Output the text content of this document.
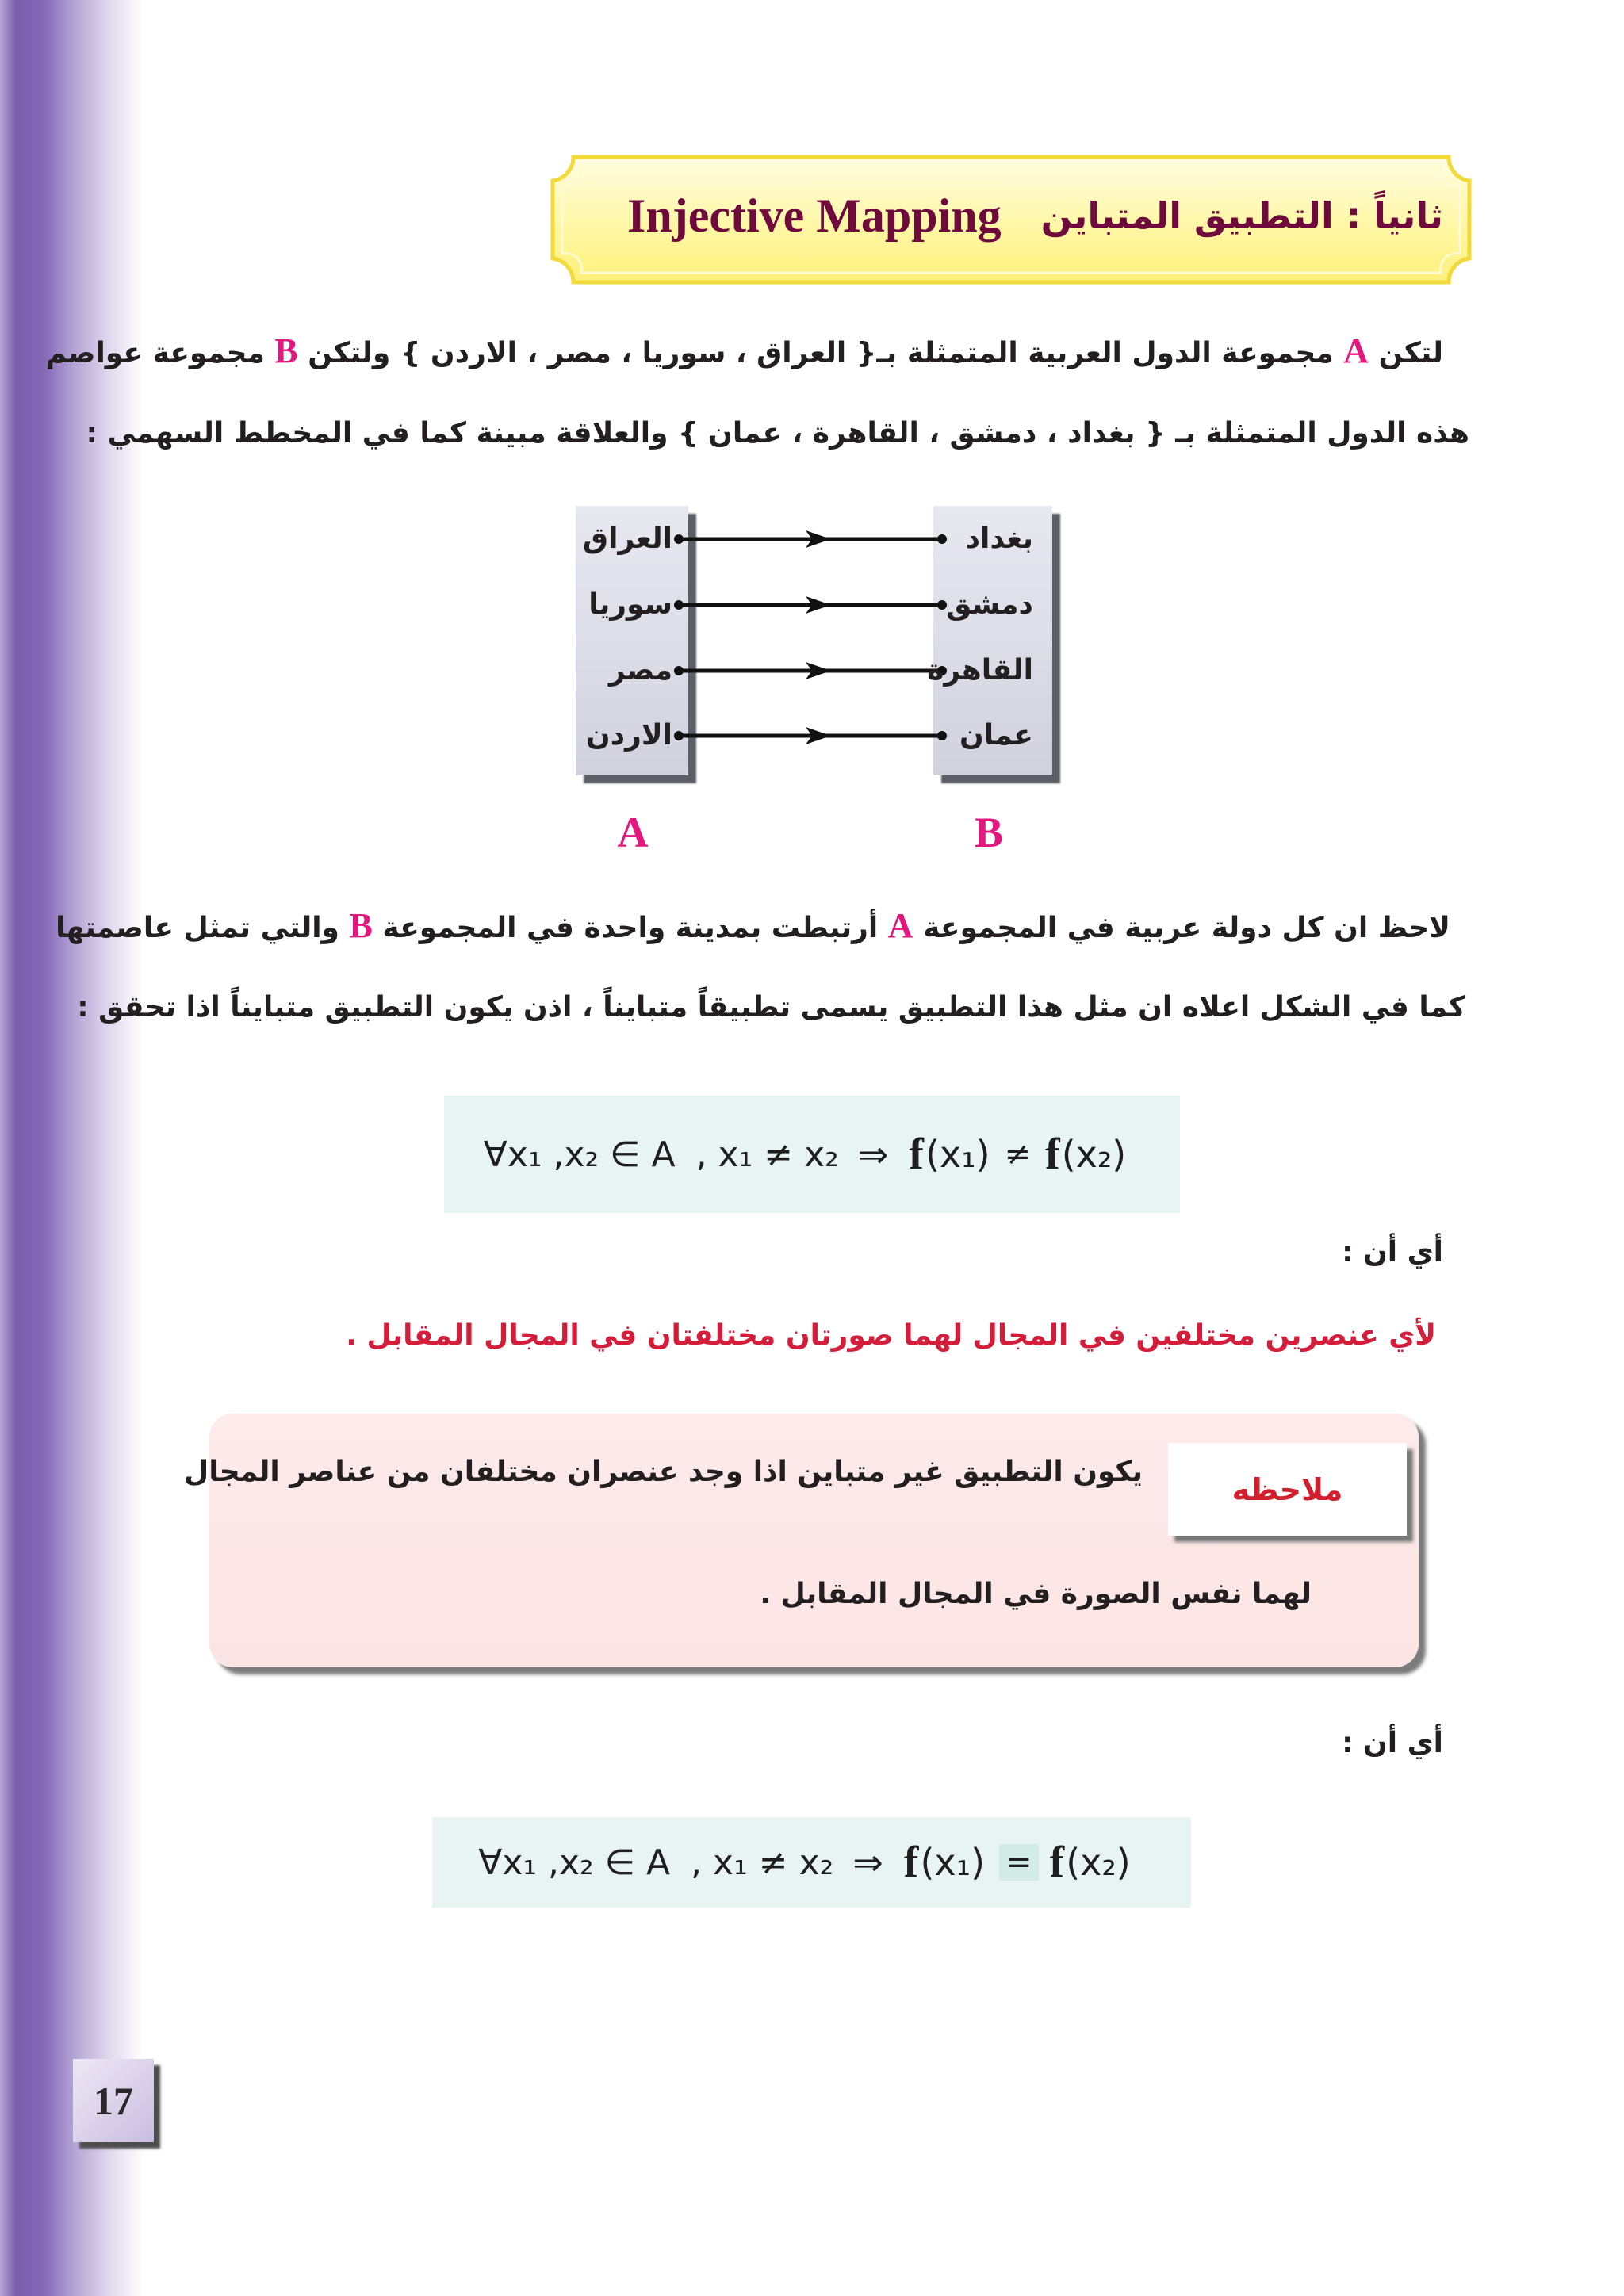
Injective Mapping ثانياً : التطبيق المتباين
لتكن A مجموعة الدول العربية المتمثلة بـ{ العراق ، سوريا ، مصر ، الاردن } ولتكن B مجموعة عواصم
هذه الدول المتمثلة بـ { بغداد ، دمشق ، القاهرة ، عمان } والعلاقة مبينة كما في المخطط السهمي :
العراق
سوريا
مصر
الاردن
بغداد
دمشق
القاهرة
عمان
A	B
لاحظ ان كل دولة عربية في المجموعة A أرتبطت بمدينة واحدة في المجموعة B والتي تمثل عاصمتها
كما في الشكل اعلاه ان مثل هذا التطبيق يسمى تطبيقاً متبايناً ، اذن يكون التطبيق متبايناً اذا تحقق :
∀x₁ ,x₂ ∈ A , x₁ ≠ x₂ ⇒ f (x₁) ≠ f (x₂)
أي أن :
لأي عنصرين مختلفين في المجال لهما صورتان مختلفتان في المجال المقابل .
ملاحظه
يكون التطبيق غير متباين اذا وجد عنصران مختلفان من عناصر المجال
لهما نفس الصورة في المجال المقابل .
أي أن :
∀x₁ ,x₂ ∈ A , x₁ ≠ x₂ ⇒ f (x₁) = f (x₂)
17
